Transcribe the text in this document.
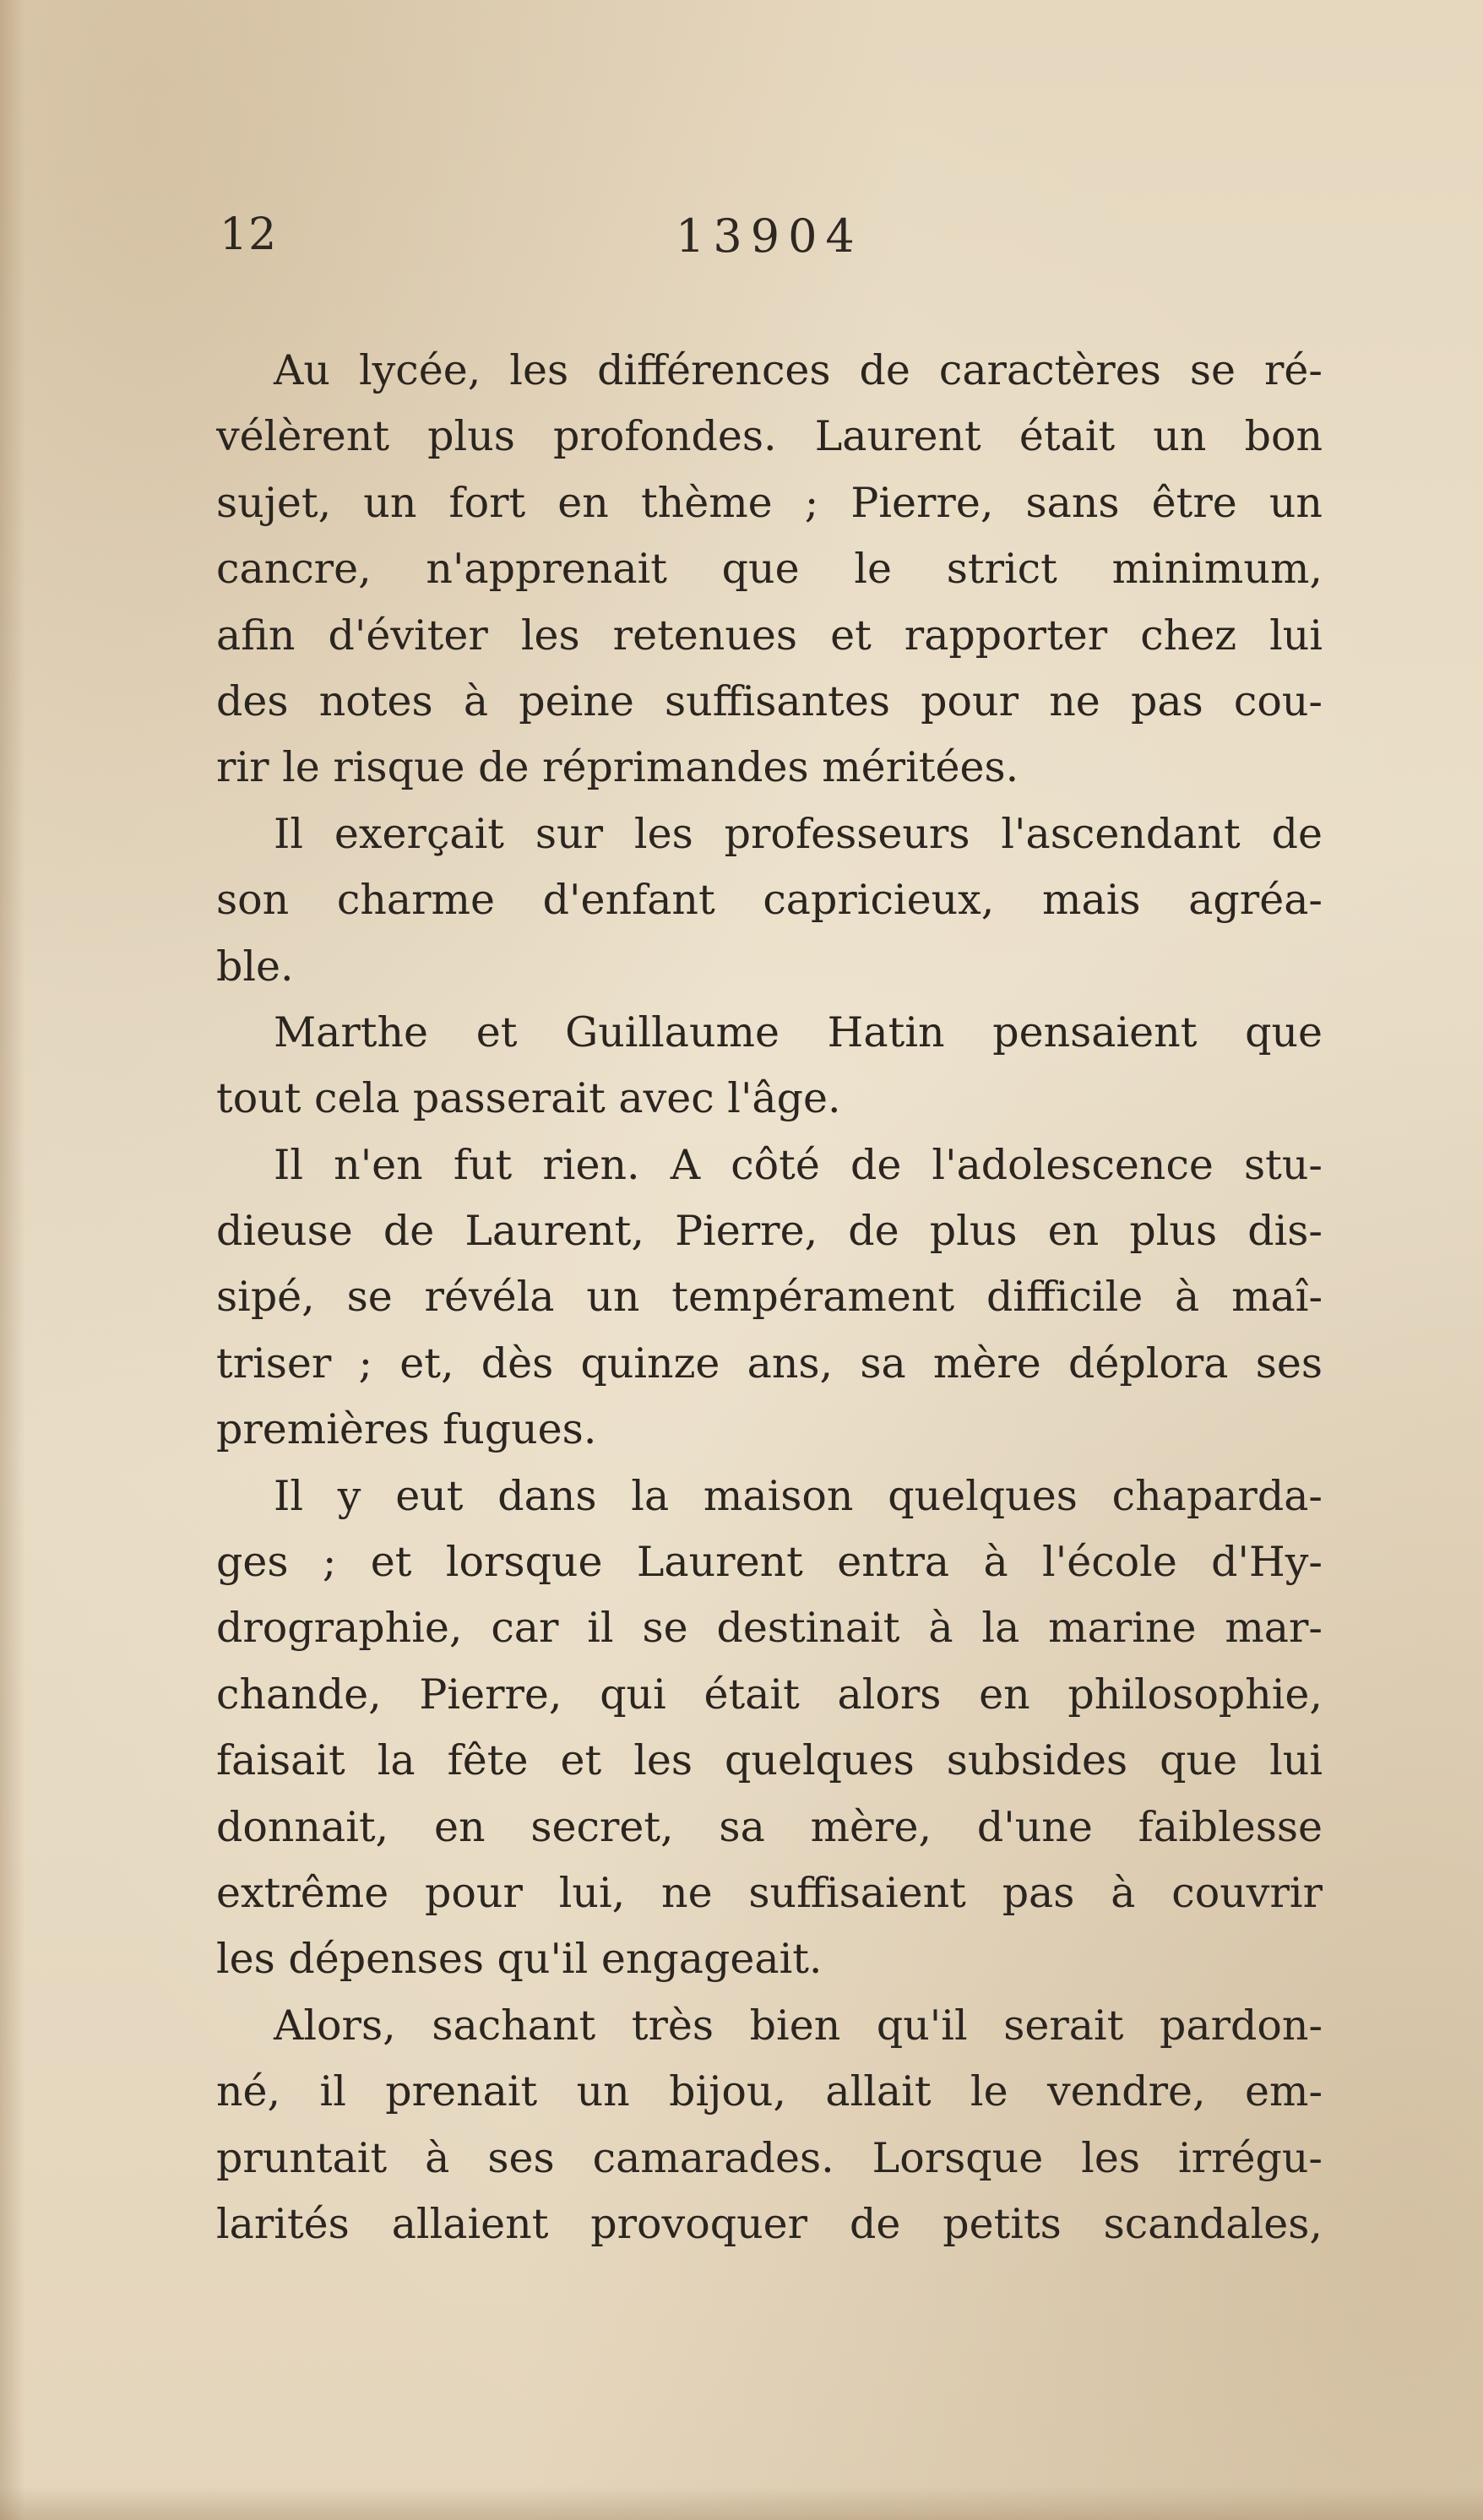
12	13904
Au lycée, les différences de caractères se ré-
vélèrent plus profondes. Laurent était un bon
sujet, un fort en thème ; Pierre, sans être un
cancre, n'apprenait que le strict minimum,
afin d'éviter les retenues et rapporter chez lui
des notes à peine suffisantes pour ne pas cou-
rir le risque de réprimandes méritées.
Il exerçait sur les professeurs l'ascendant de
son charme d'enfant capricieux, mais agréa-
ble.
Marthe et Guillaume Hatin pensaient que
tout cela passerait avec l'âge.
Il n'en fut rien. A côté de l'adolescence stu-
dieuse de Laurent, Pierre, de plus en plus dis-
sipé, se révéla un tempérament difficile à maî-
triser ; et, dès quinze ans, sa mère déplora ses
premières fugues.
Il y eut dans la maison quelques chaparda-
ges ; et lorsque Laurent entra à l'école d'Hy-
drographie, car il se destinait à la marine mar-
chande, Pierre, qui était alors en philosophie,
faisait la fête et les quelques subsides que lui
donnait, en secret, sa mère, d'une faiblesse
extrême pour lui, ne suffisaient pas à couvrir
les dépenses qu'il engageait.
Alors, sachant très bien qu'il serait pardon-
né, il prenait un bijou, allait le vendre, em-
pruntait à ses camarades. Lorsque les irrégu-
larités allaient provoquer de petits scandales,
